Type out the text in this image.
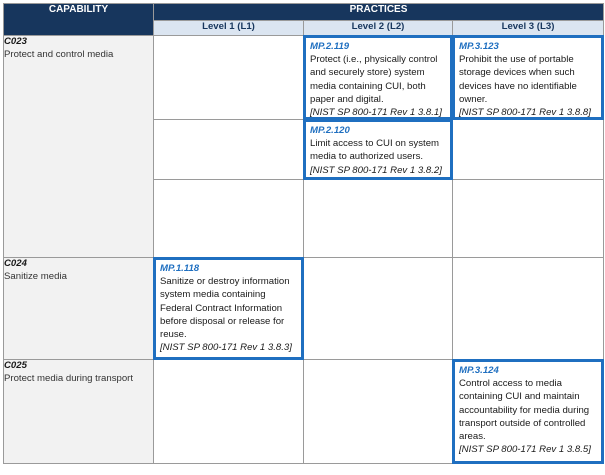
CAPABILITY	PRACTICES		
	Level 1 (L1)	Level 2 (L2)	Level 3 (L3)

C023
Protect and control media		MP.2.119
Protect (i.e., physically control and securely store) system media containing CUI, both paper and digital.
[NIST SP 800-171 Rev 1 3.8.1]	MP.3.123
Prohibit the use of portable storage devices when such devices have no identifiable owner.
[NIST SP 800-171 Rev 1 3.8.8]

		MP.2.120
Limit access to CUI on system media to authorized users.
[NIST SP 800-171 Rev 1 3.8.2]	

C024
Sanitize media	MP.1.118
Sanitize or destroy information system media containing Federal Contract Information before disposal or release for reuse.
[NIST SP 800-171 Rev 1 3.8.3]		

C025
Protect media during transport			MP.3.124
Control access to media containing CUI and maintain accountability for media during transport outside of controlled areas.
[NIST SP 800-171 Rev 1 3.8.5]
